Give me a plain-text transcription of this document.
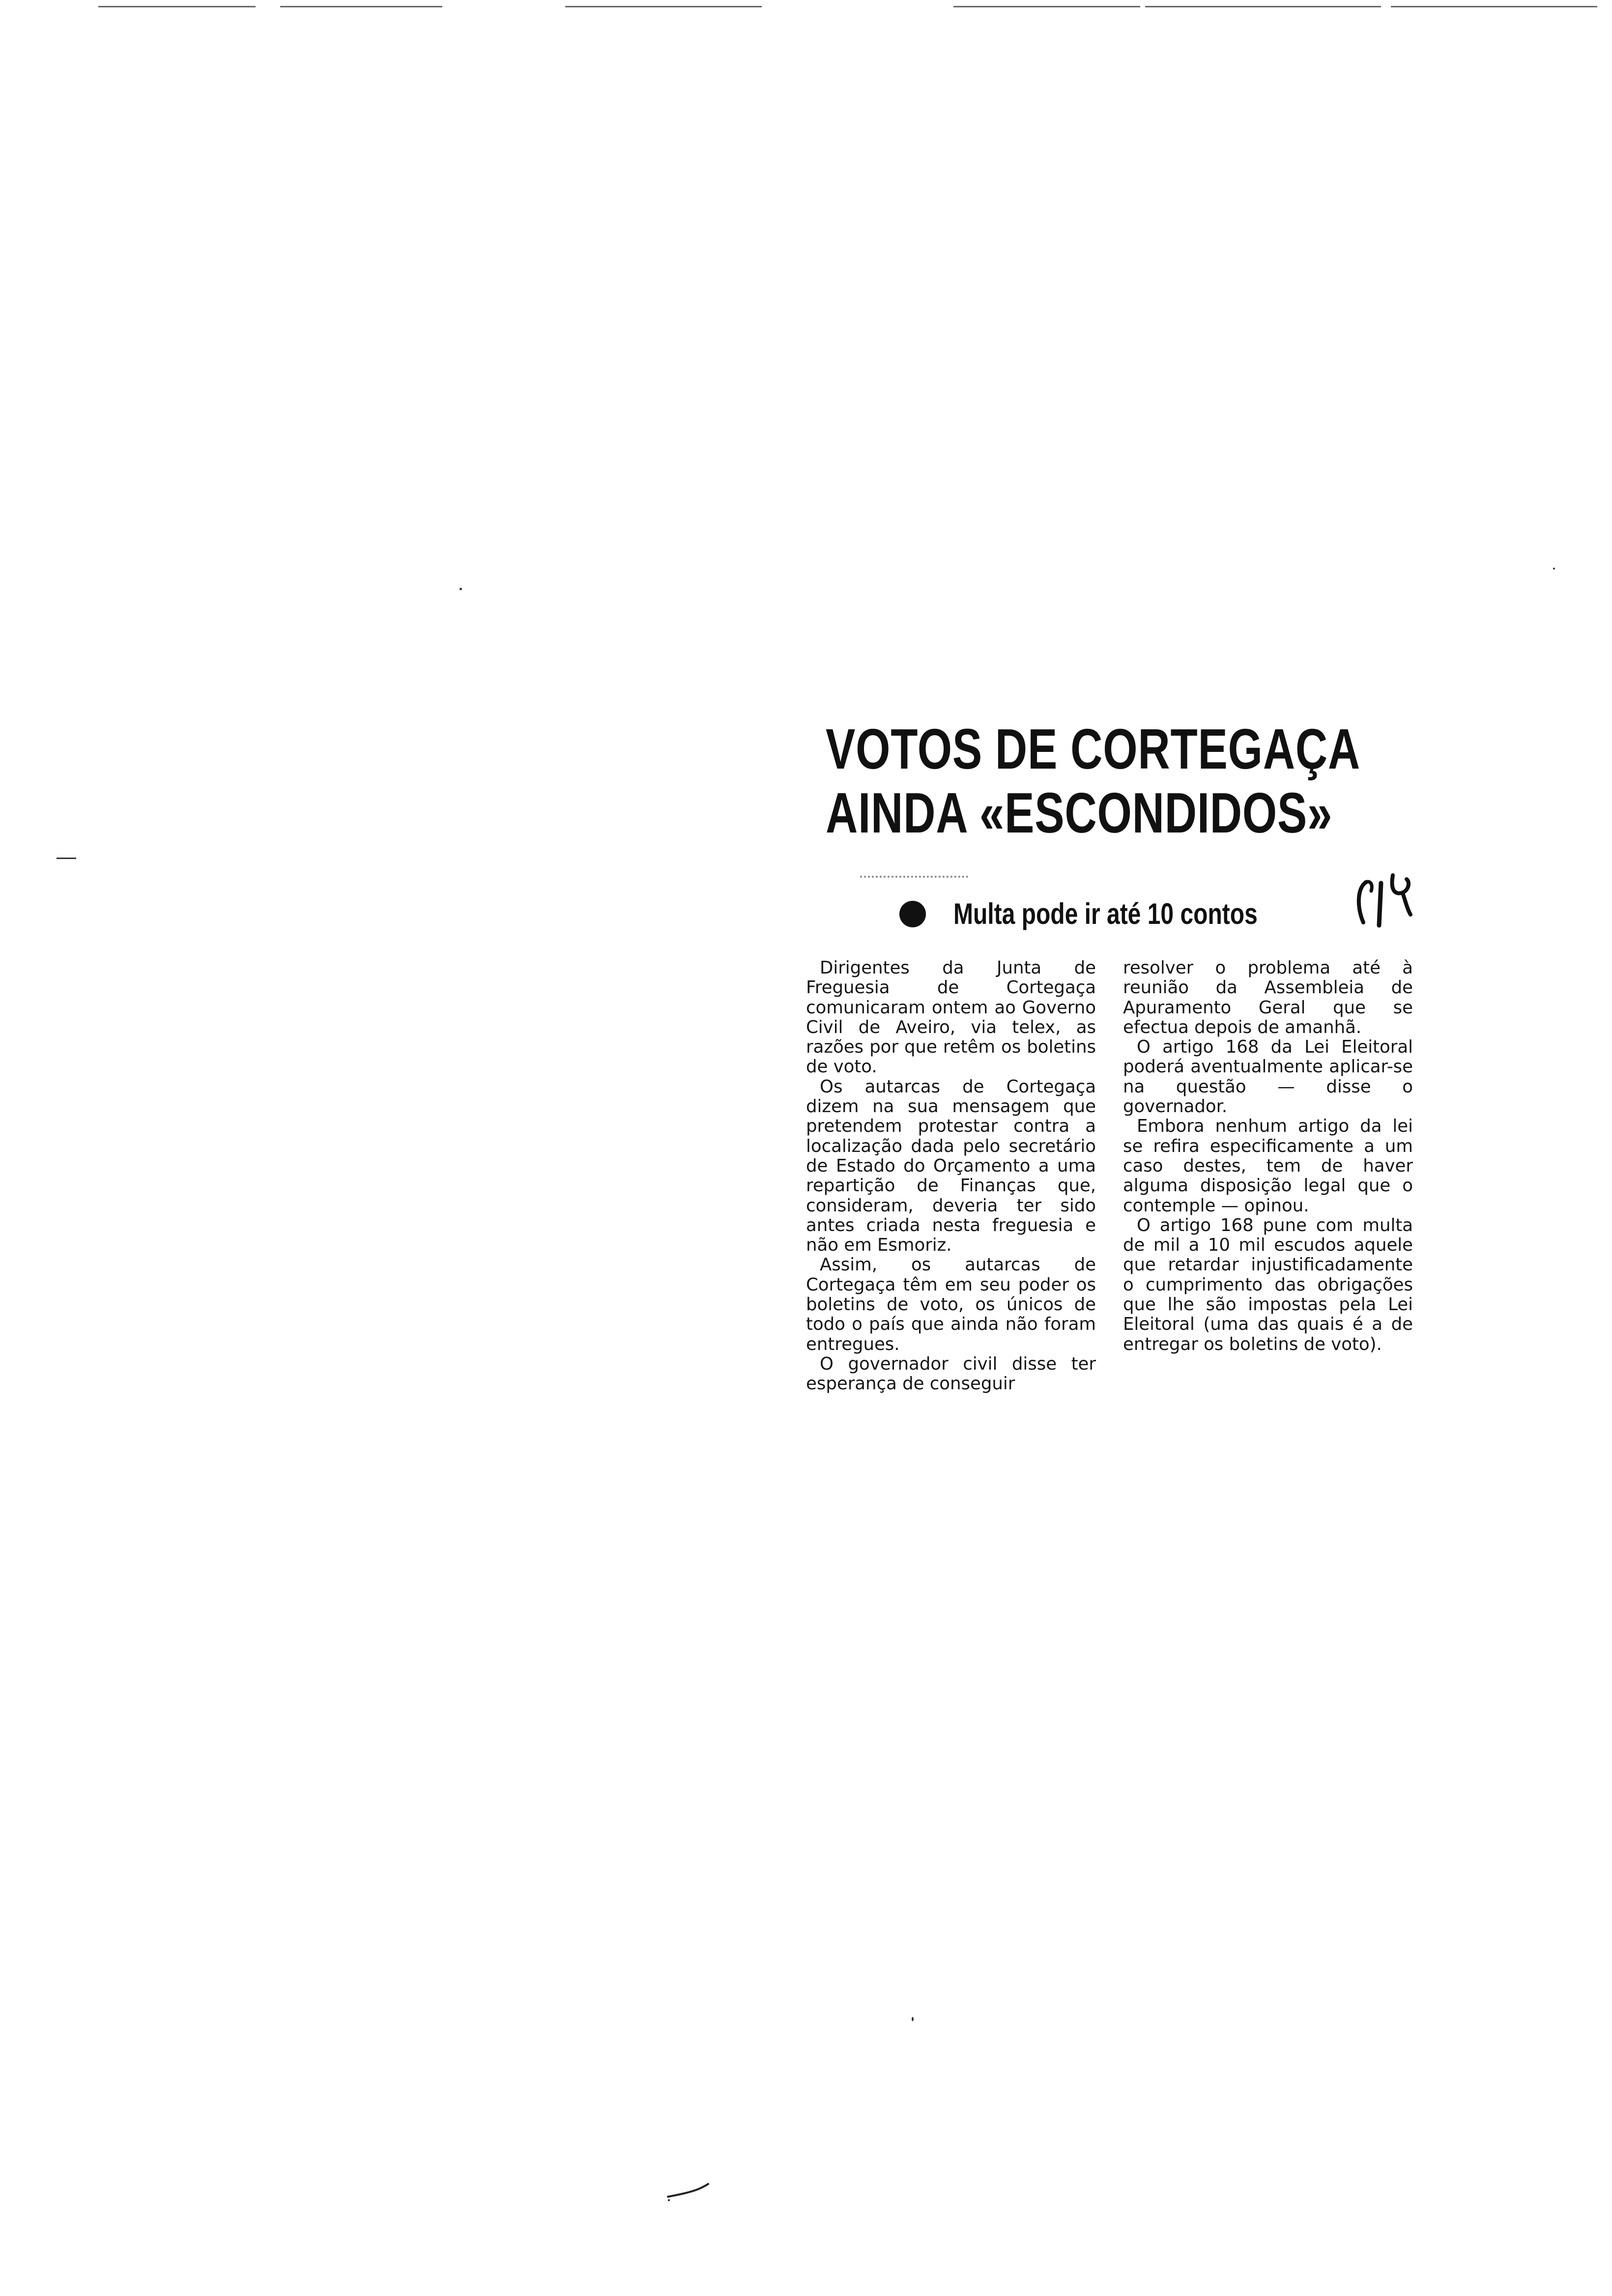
VOTOS DE CORTEGAÇA
AINDA «ESCONDIDOS»
Multa pode ir até 10 contos

Dirigentes da Junta de Freguesia de Cortegaça comunicaram ontem ao Governo Civil de Aveiro, via telex, as razões por que retêm os boletins de voto.

Os autarcas de Cortegaça dizem na sua mensagem que pretendem protestar contra a localização dada pelo secretário de Estado do Orçamento a uma repartição de Finanças que, consideram, deveria ter sido antes criada nesta freguesia e não em Esmoriz.

Assim, os autarcas de Cortegaça têm em seu poder os boletins de voto, os únicos de todo o país que ainda não foram entregues.

O governador civil disse ter esperança de conseguir

resolver o problema até à reunião da Assembleia de Apuramento Geral que se efectua depois de amanhã.

O artigo 168 da Lei Eleitoral poderá aventualmente aplicar-se na questão — disse o governador.

Embora nenhum artigo da lei se refira especificamente a um caso destes, tem de haver alguma disposição legal que o contemple — opinou.

O artigo 168 pune com multa de mil a 10 mil escudos aquele que retardar injustificadamente o cumprimento das obrigações que lhe são impostas pela Lei Eleitoral (uma das quais é a de entregar os boletins de voto).
